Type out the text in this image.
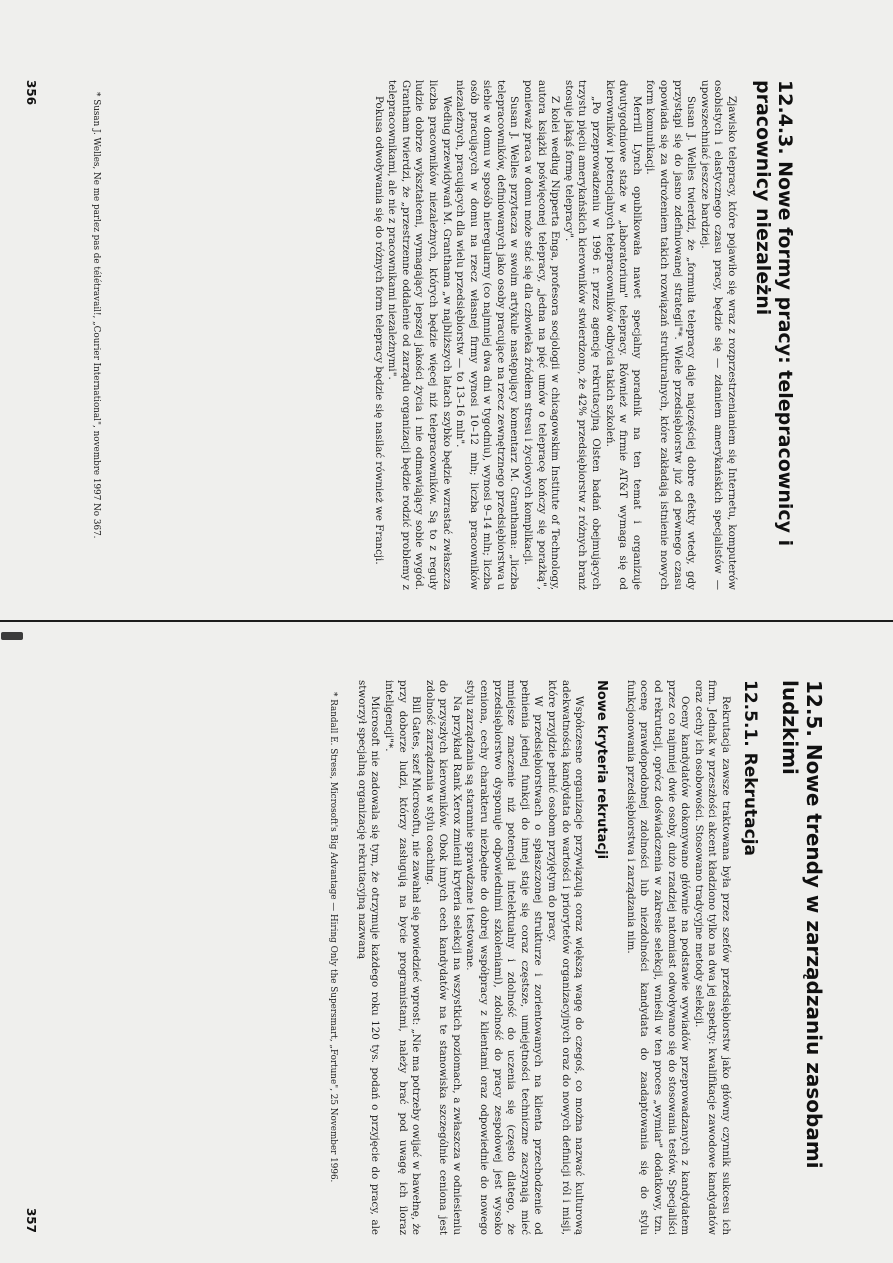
12.4.3. Nowe formy pracy: telepracownicy i pracownicy niezależni

Zjawisko telepracy, które pojawiło się wraz z rozprzestrzenianiem się Internetu, komputerów osobistych i elastycznego czasu pracy, będzie się — zdaniem amerykańskich specjalistów — upowszechniać jeszcze bardziej.

Susan J. Welles twierdzi, że „formuła telepracy daje najczęściej dobre efekty wtedy, gdy przystąpi się do jasno zdefiniowanej strategii"*. Wiele przedsiębiorstw już od pewnego czasu opowiada się za wdrożeniem takich rozwiązań strukturalnych, które zakładają istnienie nowych form komunikacji.

Merrill Lynch opublikowała nawet specjalny poradnik na ten temat i organizuje dwutygodniowe staże w „laboratorium" telepracy. Również w firmie AT&T wymaga się od kierowników i potencjalnych telepracowników odbycia takich szkoleń.

„Po przeprowadzeniu w 1996 r. przez agencję rekrutacyjną Olsten badań obejmujących trzystu pięciu amerykańskich kierowników stwierdzono, że 42% przedsiębiorstw z różnych branż stosuje jakąś formę telepracy".

Z kolei według Nipperta Enga, profesora socjologii w chicagowskim Institute of Technology, autora książki poświęconej telepracy, „jedna na pięć umów o telepracę kończy się porażką", ponieważ praca w domu może stać się dla człowieka źródłem stresu i życiowych komplikacji.

Susan J. Welles przytacza w swoim artykule następujący komentarz M. Granthama: „liczba telepracowników, definiowanych jako osoby pracujące na rzecz zewnętrznego przedsiębiorstwa u siebie w domu w sposób nieregularny (co najmniej dwa dni w tygodniu), wynosi 9–14 mln; liczba osób pracujących w domu na rzecz własnej firmy wynosi 10–12 mln; liczba pracowników niezależnych, pracujących dla wielu przedsiębiorstw — to 13–16 mln".

Według przewidywań M. Granthama „w najbliższych latach szybko będzie wzrastać zwłaszcza liczba pracowników niezależnych, których będzie więcej niż telepracowników. Są to z reguły ludzie dobrze wykształceni, wymagający lepszej jakości życia i nie odmawiający sobie wygód. Grantham twierdzi, że „przestrzenne oddalenie od zarządu organizacji będzie rodzić problemy z telepracownikami, ale nie z pracownikami niezależnymi".

Pokusa odwoływania się do różnych form telepracy będzie się nasilać również we Francji.

* Susan J. Welles, Ne me parlez pas de télétravail!, „Courier International", novembre 1997 No 367.

356
12.5. Nowe trendy w zarządzaniu zasobami ludzkimi
12.5.1. Rekrutacja

Rekrutacja zawsze traktowana była przez szefów przedsiębiorstw jako główny czynnik sukcesu ich firm. Jednak w przeszłości akcent kładziono tylko na dwa jej aspekty: kwalifikacje zawodowe kandydatów oraz cechy ich osobowości. Stosowano tradycyjne metody selekcji.

Oceny kandydatów dokonywano głównie na podstawie wywiadów przeprowadzanych z kandydatem przez co najmniej dwie osoby, dużo rzadziej natomiast odwoływano się do stosowania testów. Specjaliści od rekrutacji, oprócz doświadczenia w zakresie selekcji, wnieśli w ten proces „wymiar" dodatkowy, tzn. ocenę prawdopodobnej zdolności lub niezdolności kandydata do zaadaptowania się do stylu funkcjonowania przedsiębiorstwa i zarządzania nim.

Nowe kryteria rekrutacji

Współczesne organizacje przywiązują coraz większą wagę do czegoś, co można nazwać kulturową adekwatnością kandydata do wartości i priorytetów organizacyjnych oraz do nowych definicji ról i misji, które przyjdzie pełnić osobom przyjętym do pracy.

W przedsiębiorstwach o spłaszczonej strukturze i zorientowanych na klienta przechodzenie od pełnienia jednej funkcji do innej staje się coraz częstsze, umiejętności techniczne zaczynają mieć mniejsze znaczenie niż potencjał intelektualny i zdolność do uczenia się (często dlatego, że przedsiębiorstwo dysponuje odpowiednimi szkoleniami), zdolność do pracy zespołowej jest wysoko ceniona, cechy charakteru niezbędne do dobrej współpracy z klientami oraz odpowiednie do nowego stylu zarządzania są starannie sprawdzane i testowane.

Na przykład Rank Xerox zmienił kryteria selekcji na wszystkich poziomach, a zwłaszcza w odniesieniu do przyszłych kierowników. Obok innych cech kandydatów na te stanowiska szczególnie ceniona jest zdolność zarządzania w stylu coaching.

Bill Gates, szef Microsoftu, nie zawahał się powiedzieć wprost: „Nie ma potrzeby owijać w bawełnę, że przy doborze ludzi, którzy zasługują na bycie programistami, należy brać pod uwagę ich iloraz inteligencji"*.

Microsoft nie zadowala się tym, że otrzymuje każdego roku 120 tys. podań o przyjęcie do pracy, ale stworzył specjalną organizację rekrutacyjną nazwaną

* Randall E. Stress, Microsoft's Big Advantage — Hiring Only the Supersmart, „Fortune", 25 November 1996.

357
